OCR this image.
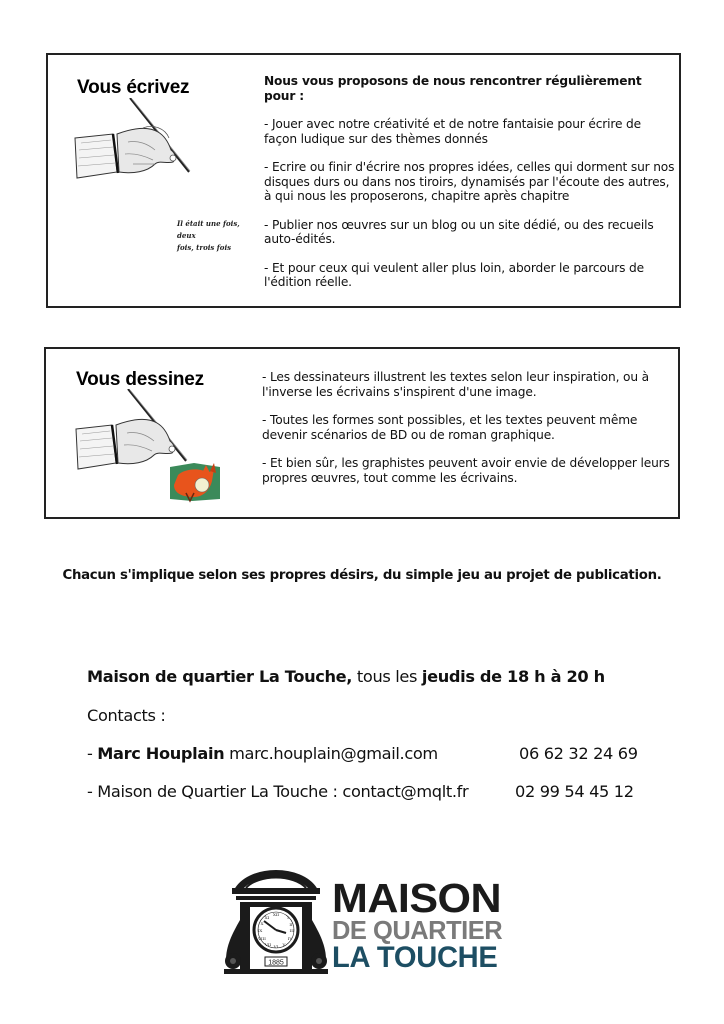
Vous écrivez
Il était une fois, deux
fois, trois fois
Nous vous proposons de nous rencontrer régulièrement pour :

- Jouer avec notre créativité et de notre fantaisie pour écrire de façon ludique sur des thèmes donnés

- Ecrire ou finir d'écrire nos propres idées, celles qui dorment sur nos disques durs ou dans nos tiroirs, dynamisés par l'écoute des autres, à qui nous les proposerons, chapitre après chapitre

- Publier nos œuvres sur un blog ou un site dédié, ou des recueils auto-édités.

- Et pour ceux qui veulent aller plus loin, aborder le parcours de l'édition réelle.

Vous dessinez	- Les dessinateurs illustrent les textes selon leur inspiration, ou à l'inverse les écrivains s'inspirent d'une image.

- Toutes les formes sont possibles, et les textes peuvent même devenir scénarios de BD ou de roman graphique.

- Et bien sûr, les graphistes peuvent avoir envie de développer leurs propres œuvres, tout comme les écrivains.

Chacun s'implique selon ses propres désirs, du simple jeu au projet de publication.
Maison de quartier La Touche, tous les jeudis de 18 h à 20 h
Contacts :
- Marc Houplain marc.houplain@gmail.com	06 62 32 24 69
- Maison de Quartier La Touche : contact@mqlt.fr	02 99 54 45 12
XII
I
II
III
IV
V
VI
VII
VIII
IX
X
XI
1885
MAISON
DE QUARTIER
LA TOUCHE
